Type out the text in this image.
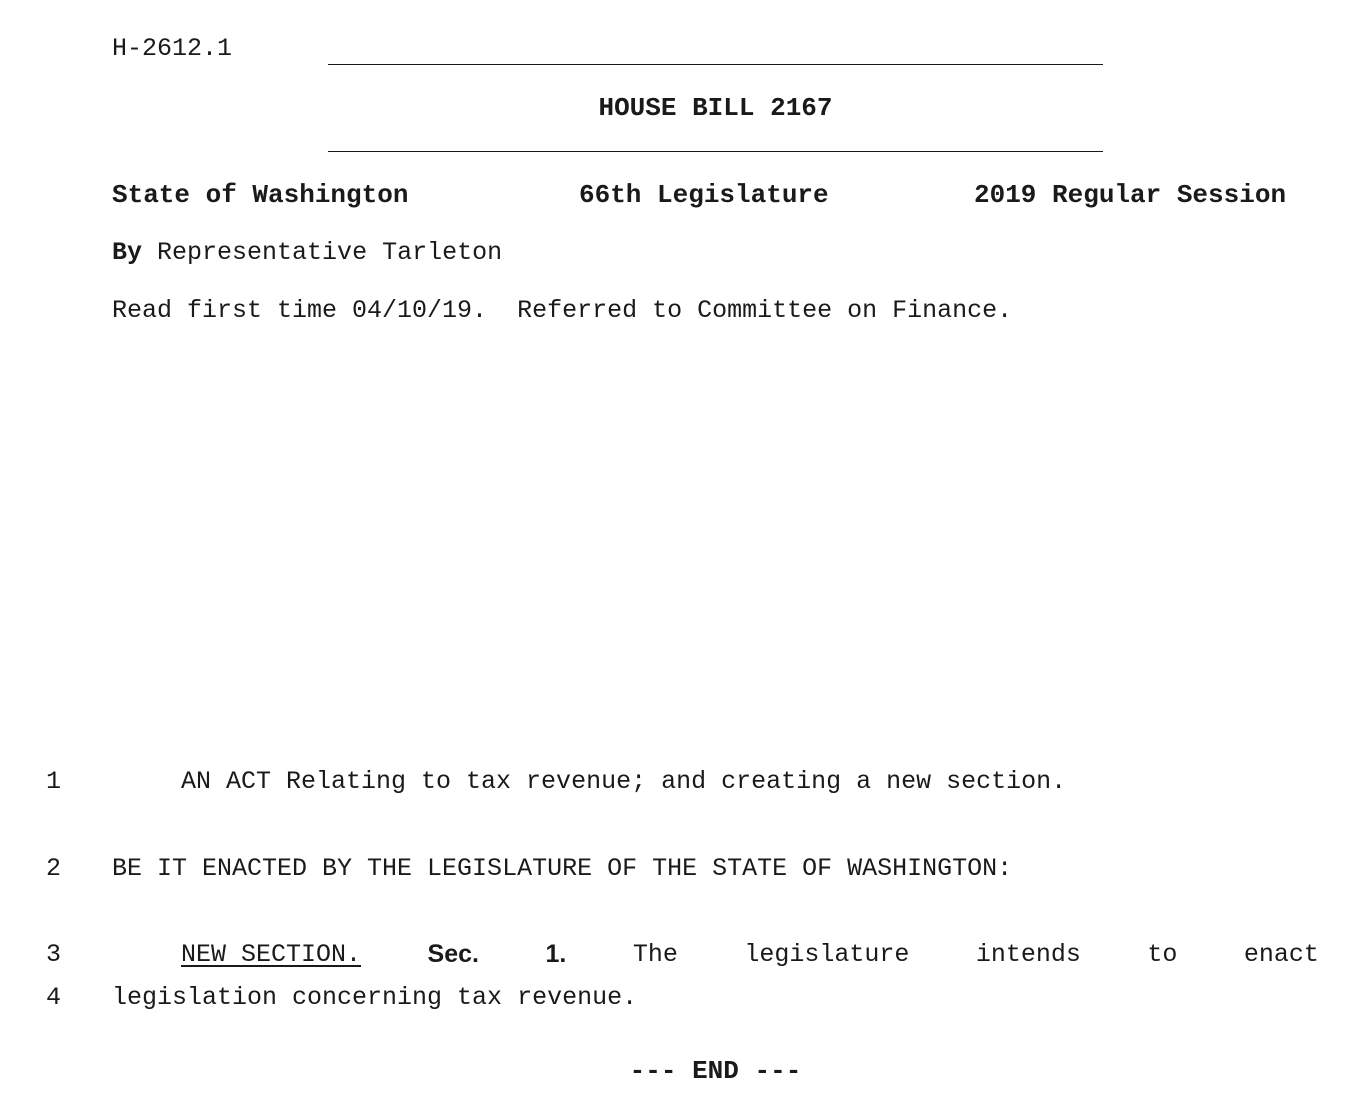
H-2612.1
HOUSE BILL 2167
State of Washington	66th Legislature	2019 Regular Session
By Representative Tarleton
Read first time 04/10/19.  Referred to Committee on Finance.
1	AN ACT Relating to tax revenue; and creating a new section.
2 BE IT ENACTED BY THE LEGISLATURE OF THE STATE OF WASHINGTON:
3	NEW SECTION.	Sec.	1.	The	legislature	intends	to	enact
4 legislation concerning tax revenue.
--- END ---
